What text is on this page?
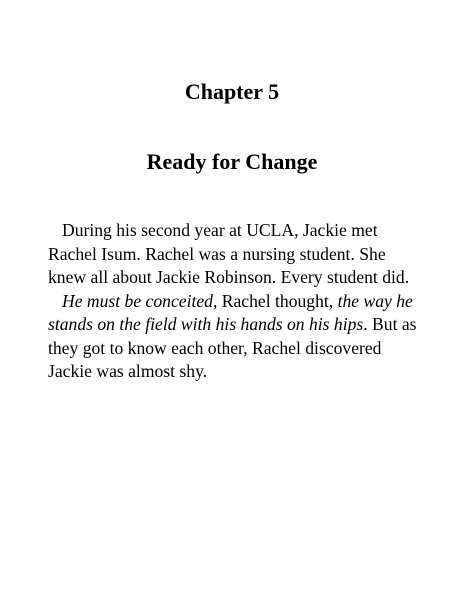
Chapter 5
Ready for Change

During his second year at UCLA, Jackie met Rachel Isum. Rachel was a nursing student. She knew all about Jackie Robinson. Every student did.

He must be conceited, Rachel thought, the way he stands on the field with his hands on his hips. But as they got to know each other, Rachel discovered Jackie was almost shy.
